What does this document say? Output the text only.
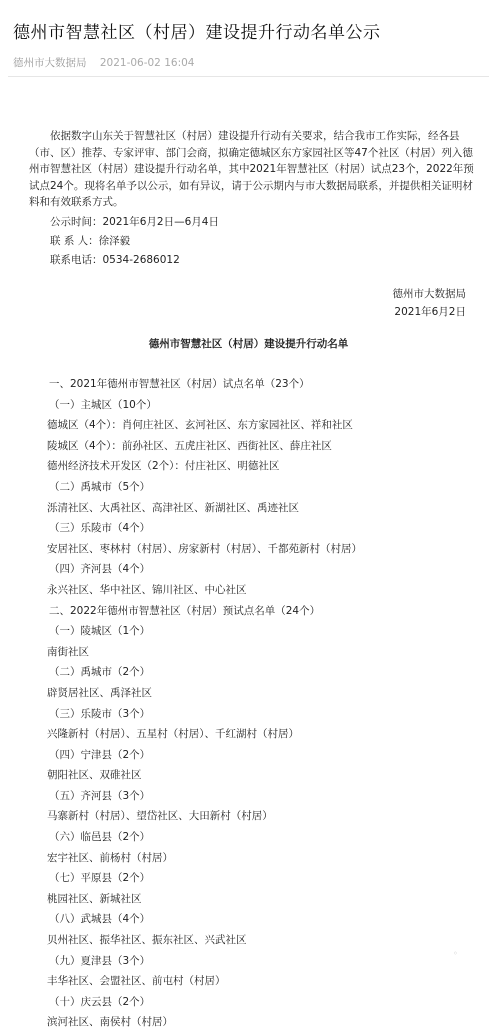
德州市智慧社区（村居）建设提升行动名单公示
德州市大数据局 2021-06-02 16:04
依据数字山东关于智慧社区（村居）建设提升行动有关要求，结合我市工作实际，经各县（市、区）推荐、专家评审、部门会商，拟确定德城区东方家园社区等47个社区（村居）列入德州市智慧社区（村居）建设提升行动名单，其中2021年智慧社区（村居）试点23个，2022年预试点24个。现将名单予以公示，如有异议，请于公示期内与市大数据局联系，并提供相关证明材料和有效联系方式。
公示时间：2021年6月2日—6月4日
联 系 人：徐泽毅
联系电话：0534-2686012
德州市大数据局
2021年6月2日
德州市智慧社区（村居）建设提升行动名单
一、2021年德州市智慧社区（村居）试点名单（23个）
（一）主城区（10个）
德城区（4个）：肖何庄社区、玄河社区、东方家园社区、祥和社区
陵城区（4个）：前孙社区、五虎庄社区、西街社区、薛庄社区
德州经济技术开发区（2个）：付庄社区、明德社区
（二）禹城市（5个）
泺清社区、大禹社区、高津社区、新湖社区、禹迹社区
（三）乐陵市（4个）
安居社区、枣林村（村居）、房家新村（村居）、千都苑新村（村居）
（四）齐河县（4个）
永兴社区、华中社区、锦川社区、中心社区
二、2022年德州市智慧社区（村居）预试点名单（24个）
（一）陵城区（1个）
南街社区
（二）禹城市（2个）
辟贤居社区、禹泽社区
（三）乐陵市（3个）
兴隆新村（村居）、五星村（村居）、千红湖村（村居）
（四）宁津县（2个）
朝阳社区、双碓社区
（五）齐河县（3个）
马寨新村（村居）、望岱社区、大田新村（村居）
（六）临邑县（2个）
宏宇社区、前杨村（村居）
（七）平原县（2个）
桃园社区、新城社区
（八）武城县（4个）
贝州社区、振华社区、振东社区、兴武社区
（九）夏津县（3个）
丰华社区、会盟社区、前屯村（村居）
（十）庆云县（2个）
滨河社区、南侯村（村居）
◦
